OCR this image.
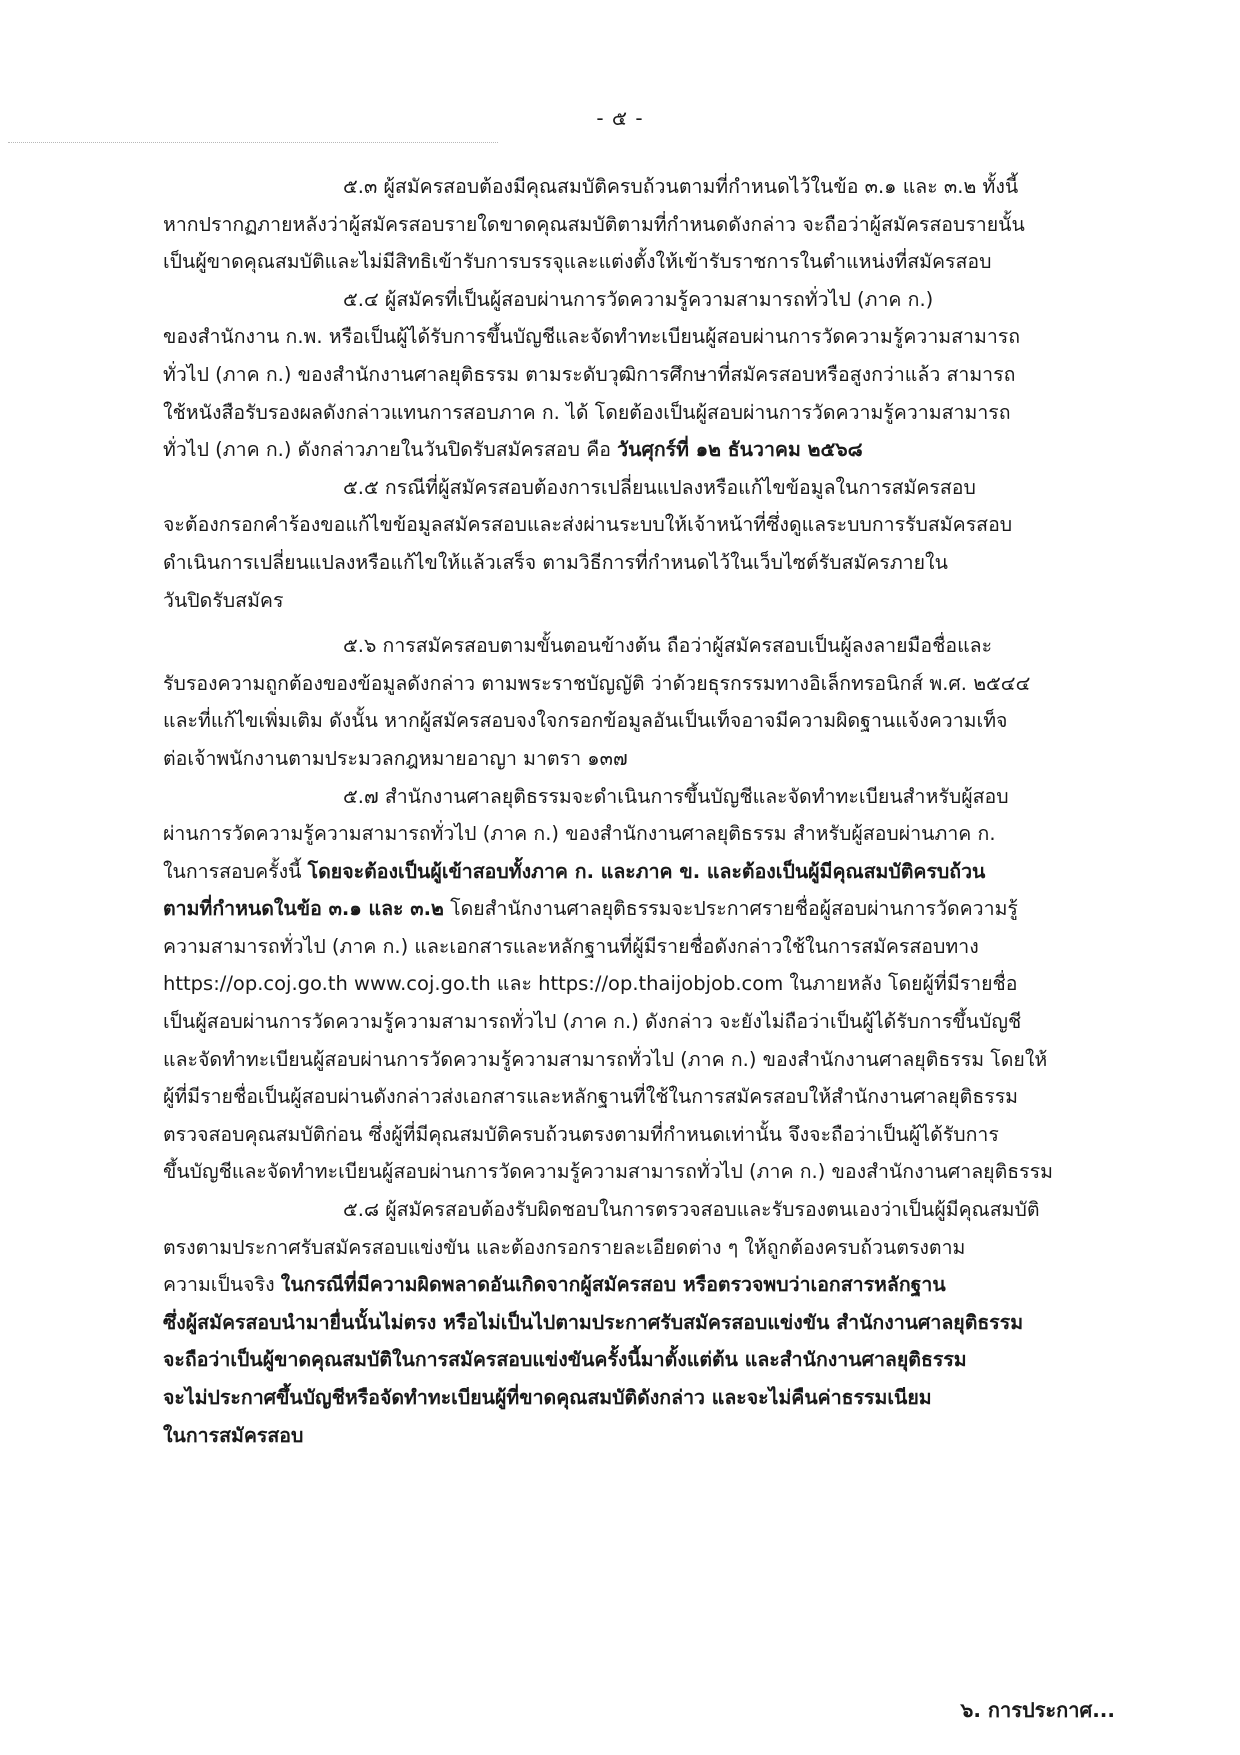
- ๕ -
๕.๓ ผู้สมัครสอบต้องมีคุณสมบัติครบถ้วนตามที่กำหนดไว้ในข้อ ๓.๑ และ ๓.๒ ทั้งนี้
หากปรากฏภายหลังว่าผู้สมัครสอบรายใดขาดคุณสมบัติตามที่กำหนดดังกล่าว จะถือว่าผู้สมัครสอบรายนั้น
เป็นผู้ขาดคุณสมบัติและไม่มีสิทธิเข้ารับการบรรจุและแต่งตั้งให้เข้ารับราชการในตำแหน่งที่สมัครสอบ
๕.๔ ผู้สมัครที่เป็นผู้สอบผ่านการวัดความรู้ความสามารถทั่วไป (ภาค ก.)
ของสำนักงาน ก.พ. หรือเป็นผู้ได้รับการขึ้นบัญชีและจัดทำทะเบียนผู้สอบผ่านการวัดความรู้ความสามารถ
ทั่วไป (ภาค ก.) ของสำนักงานศาลยุติธรรม ตามระดับวุฒิการศึกษาที่สมัครสอบหรือสูงกว่าแล้ว สามารถ
ใช้หนังสือรับรองผลดังกล่าวแทนการสอบภาค ก. ได้ โดยต้องเป็นผู้สอบผ่านการวัดความรู้ความสามารถ
ทั่วไป (ภาค ก.) ดังกล่าวภายในวันปิดรับสมัครสอบ คือ วันศุกร์ที่ ๑๒ ธันวาคม ๒๕๖๘
๕.๕ กรณีที่ผู้สมัครสอบต้องการเปลี่ยนแปลงหรือแก้ไขข้อมูลในการสมัครสอบ
จะต้องกรอกคำร้องขอแก้ไขข้อมูลสมัครสอบและส่งผ่านระบบให้เจ้าหน้าที่ซึ่งดูแลระบบการรับสมัครสอบ
ดำเนินการเปลี่ยนแปลงหรือแก้ไขให้แล้วเสร็จ ตามวิธีการที่กำหนดไว้ในเว็บไซต์รับสมัครภายใน
วันปิดรับสมัคร
๕.๖ การสมัครสอบตามขั้นตอนข้างต้น ถือว่าผู้สมัครสอบเป็นผู้ลงลายมือชื่อและ
รับรองความถูกต้องของข้อมูลดังกล่าว ตามพระราชบัญญัติ ว่าด้วยธุรกรรมทางอิเล็กทรอนิกส์ พ.ศ. ๒๕๔๔
และที่แก้ไขเพิ่มเติม ดังนั้น หากผู้สมัครสอบจงใจกรอกข้อมูลอันเป็นเท็จอาจมีความผิดฐานแจ้งความเท็จ
ต่อเจ้าพนักงานตามประมวลกฎหมายอาญา มาตรา ๑๓๗
๕.๗ สำนักงานศาลยุติธรรมจะดำเนินการขึ้นบัญชีและจัดทำทะเบียนสำหรับผู้สอบ
ผ่านการวัดความรู้ความสามารถทั่วไป (ภาค ก.) ของสำนักงานศาลยุติธรรม สำหรับผู้สอบผ่านภาค ก.
ในการสอบครั้งนี้ โดยจะต้องเป็นผู้เข้าสอบทั้งภาค ก. และภาค ข. และต้องเป็นผู้มีคุณสมบัติครบถ้วน
ตามที่กำหนดในข้อ ๓.๑ และ ๓.๒ โดยสำนักงานศาลยุติธรรมจะประกาศรายชื่อผู้สอบผ่านการวัดความรู้
ความสามารถทั่วไป (ภาค ก.) และเอกสารและหลักฐานที่ผู้มีรายชื่อดังกล่าวใช้ในการสมัครสอบทาง
https://op.coj.go.th www.coj.go.th และ https://op.thaijobjob.com ในภายหลัง โดยผู้ที่มีรายชื่อ
เป็นผู้สอบผ่านการวัดความรู้ความสามารถทั่วไป (ภาค ก.) ดังกล่าว จะยังไม่ถือว่าเป็นผู้ได้รับการขึ้นบัญชี
และจัดทำทะเบียนผู้สอบผ่านการวัดความรู้ความสามารถทั่วไป (ภาค ก.) ของสำนักงานศาลยุติธรรม โดยให้
ผู้ที่มีรายชื่อเป็นผู้สอบผ่านดังกล่าวส่งเอกสารและหลักฐานที่ใช้ในการสมัครสอบให้สำนักงานศาลยุติธรรม
ตรวจสอบคุณสมบัติก่อน ซึ่งผู้ที่มีคุณสมบัติครบถ้วนตรงตามที่กำหนดเท่านั้น จึงจะถือว่าเป็นผู้ได้รับการ
ขึ้นบัญชีและจัดทำทะเบียนผู้สอบผ่านการวัดความรู้ความสามารถทั่วไป (ภาค ก.) ของสำนักงานศาลยุติธรรม
๕.๘ ผู้สมัครสอบต้องรับผิดชอบในการตรวจสอบและรับรองตนเองว่าเป็นผู้มีคุณสมบัติ
ตรงตามประกาศรับสมัครสอบแข่งขัน และต้องกรอกรายละเอียดต่าง ๆ ให้ถูกต้องครบถ้วนตรงตาม
ความเป็นจริง ในกรณีที่มีความผิดพลาดอันเกิดจากผู้สมัครสอบ หรือตรวจพบว่าเอกสารหลักฐาน
ซึ่งผู้สมัครสอบนำมายื่นนั้นไม่ตรง หรือไม่เป็นไปตามประกาศรับสมัครสอบแข่งขัน สำนักงานศาลยุติธรรม
จะถือว่าเป็นผู้ขาดคุณสมบัติในการสมัครสอบแข่งขันครั้งนี้มาตั้งแต่ต้น และสำนักงานศาลยุติธรรม
จะไม่ประกาศขึ้นบัญชีหรือจัดทำทะเบียนผู้ที่ขาดคุณสมบัติดังกล่าว และจะไม่คืนค่าธรรมเนียม
ในการสมัครสอบ
๖. การประกาศ...
